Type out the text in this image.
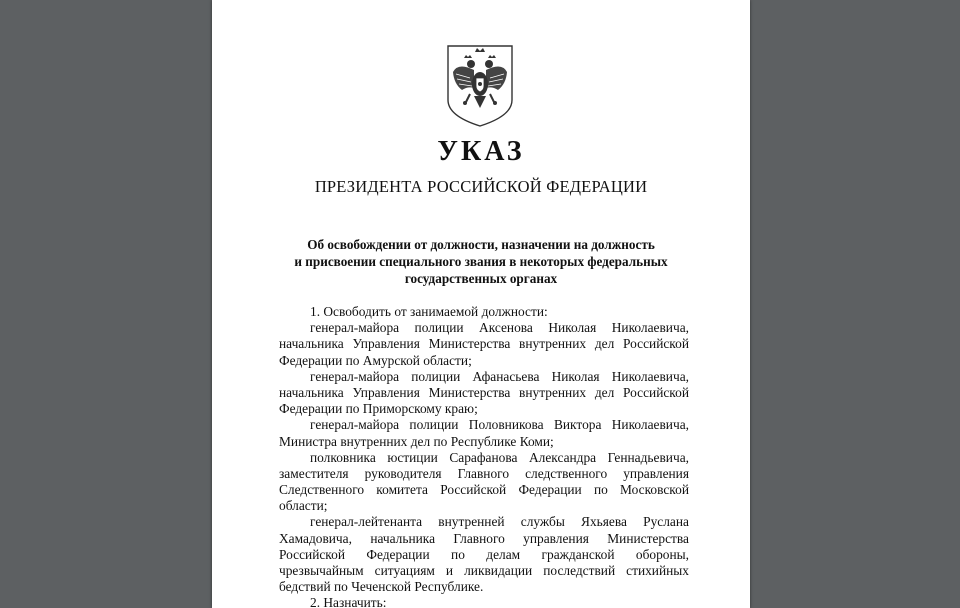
УКАЗ
ПРЕЗИДЕНТА РОССИЙСКОЙ ФЕДЕРАЦИИ
Об освобождении от должности, назначении на должность
и присвоении специального звания в некоторых федеральных
государственных органах
1. Освободить от занимаемой должности:
генерал-майора полиции Аксенова Николая Николаевича,
начальника Управления Министерства внутренних дел Российской
Федерации по Амурской области;
генерал-майора полиции Афанасьева Николая Николаевича,
начальника Управления Министерства внутренних дел Российской
Федерации по Приморскому краю;
генерал-майора полиции Половникова Виктора Николаевича,
Министра внутренних дел по Республике Коми;
полковника юстиции Сарафанова Александра Геннадьевича,
заместителя руководителя Главного следственного управления
Следственного комитета Российской Федерации по Московской
области;
генерал-лейтенанта внутренней службы Яхьяева Руслана
Хамадовича, начальника Главного управления Министерства
Российской Федерации по делам гражданской обороны,
чрезвычайным ситуациям и ликвидации последствий стихийных
бедствий по Чеченской Республике.
2. Назначить:
